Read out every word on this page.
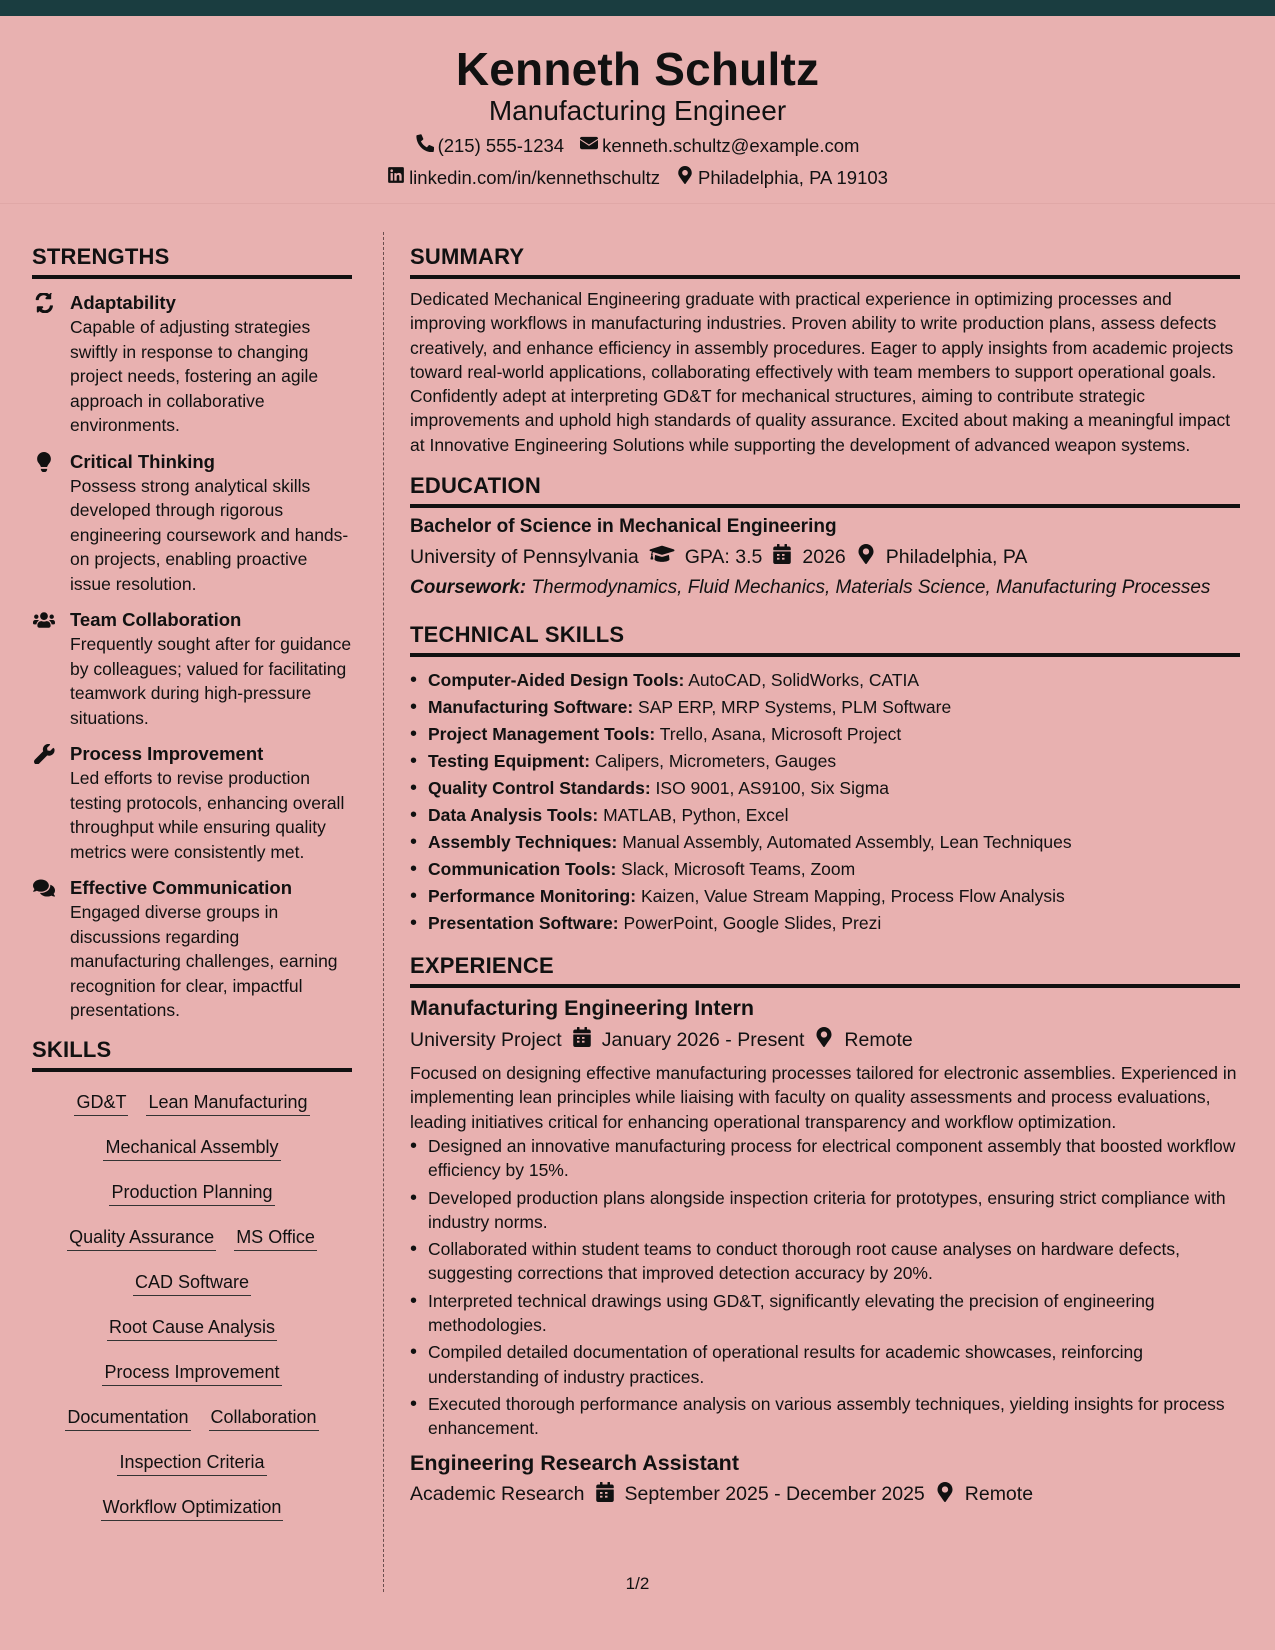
Kenneth Schultz
Manufacturing Engineer
(215) 555-1234 kenneth.schultz@example.com
linkedin.com/in/kennethschultz Philadelphia, PA 19103
STRENGTHS
Adaptability

Capable of adjusting strategies swiftly in response to changing project needs, fostering an agile approach in collaborative environments.

Critical Thinking

Possess strong analytical skills developed through rigorous engineering coursework and hands-on projects, enabling proactive issue resolution.

Team Collaboration

Frequently sought after for guidance by colleagues; valued for facilitating teamwork during high-pressure situations.

Process Improvement

Led efforts to revise production testing protocols, enhancing overall throughput while ensuring quality metrics were consistently met.

Effective Communication

Engaged diverse groups in discussions regarding manufacturing challenges, earning recognition for clear, impactful presentations.

SKILLS
GD&T Lean Manufacturing
Mechanical Assembly
Production Planning
Quality Assurance MS Office
CAD Software
Root Cause Analysis
Process Improvement
Documentation Collaboration
Inspection Criteria
Workflow Optimization
SUMMARY

Dedicated Mechanical Engineering graduate with practical experience in optimizing processes and improving workflows in manufacturing industries. Proven ability to write production plans, assess defects creatively, and enhance efficiency in assembly procedures. Eager to apply insights from academic projects toward real-world applications, collaborating effectively with team members to support operational goals. Confidently adept at interpreting GD&T for mechanical structures, aiming to contribute strategic improvements and uphold high standards of quality assurance. Excited about making a meaningful impact at Innovative Engineering Solutions while supporting the development of advanced weapon systems.

EDUCATION
Bachelor of Science in Mechanical Engineering
University of Pennsylvania GPA: 3.5 2026 Philadelphia, PA
Coursework: Thermodynamics, Fluid Mechanics, Materials Science, Manufacturing Processes
TECHNICAL SKILLS
• Computer-Aided Design Tools: AutoCAD, SolidWorks, CATIA
• Manufacturing Software: SAP ERP, MRP Systems, PLM Software
• Project Management Tools: Trello, Asana, Microsoft Project
• Testing Equipment: Calipers, Micrometers, Gauges
• Quality Control Standards: ISO 9001, AS9100, Six Sigma
• Data Analysis Tools: MATLAB, Python, Excel
• Assembly Techniques: Manual Assembly, Automated Assembly, Lean Techniques
• Communication Tools: Slack, Microsoft Teams, Zoom
• Performance Monitoring: Kaizen, Value Stream Mapping, Process Flow Analysis
• Presentation Software: PowerPoint, Google Slides, Prezi
EXPERIENCE
Manufacturing Engineering Intern
University Project January 2026 - Present Remote

Focused on designing effective manufacturing processes tailored for electronic assemblies. Experienced in implementing lean principles while liaising with faculty on quality assessments and process evaluations, leading initiatives critical for enhancing operational transparency and workflow optimization.

• Designed an innovative manufacturing process for electrical component assembly that boosted workflow efficiency by 15%.
• Developed production plans alongside inspection criteria for prototypes, ensuring strict compliance with industry norms.
• Collaborated within student teams to conduct thorough root cause analyses on hardware defects, suggesting corrections that improved detection accuracy by 20%.
• Interpreted technical drawings using GD&T, significantly elevating the precision of engineering methodologies.
• Compiled detailed documentation of operational results for academic showcases, reinforcing understanding of industry practices.
• Executed thorough performance analysis on various assembly techniques, yielding insights for process enhancement.
Engineering Research Assistant
Academic Research September 2025 - December 2025 Remote
1/2
